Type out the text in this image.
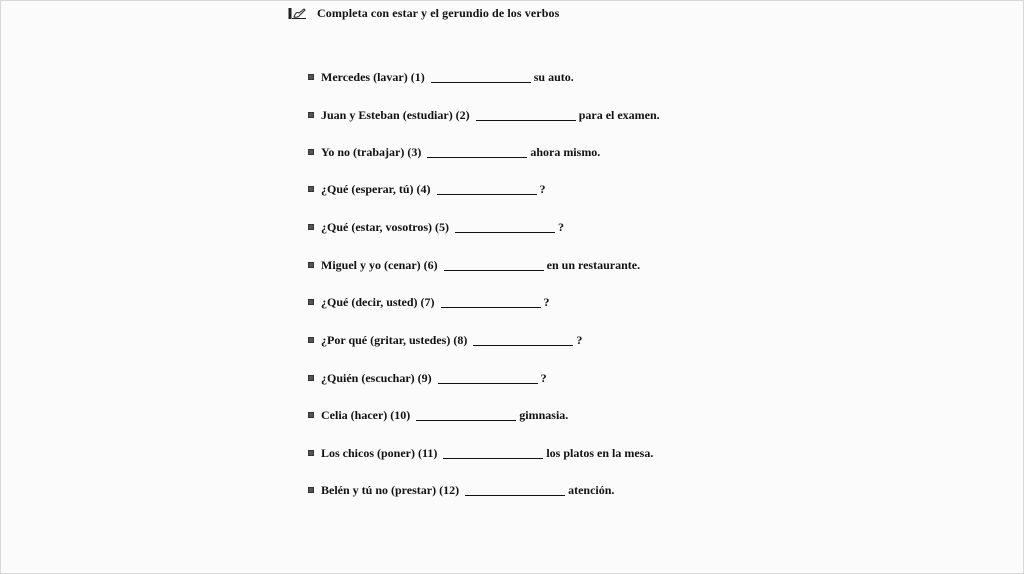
Completa con estar y el gerundio de los verbos
Mercedes (lavar) (1)	su auto.
Juan y Esteban (estudiar) (2)	para el examen.
Yo no (trabajar) (3)	ahora mismo.
¿Qué (esperar, tú) (4)	?
¿Qué (estar, vosotros) (5)	?
Miguel y yo (cenar) (6)	en un restaurante.
¿Qué (decir, usted) (7)	?
¿Por qué (gritar, ustedes) (8)	?
¿Quién (escuchar) (9)	?
Celia (hacer) (10)	gimnasia.
Los chicos (poner) (11)	los platos en la mesa.
Belén y tú no (prestar) (12)	atención.
